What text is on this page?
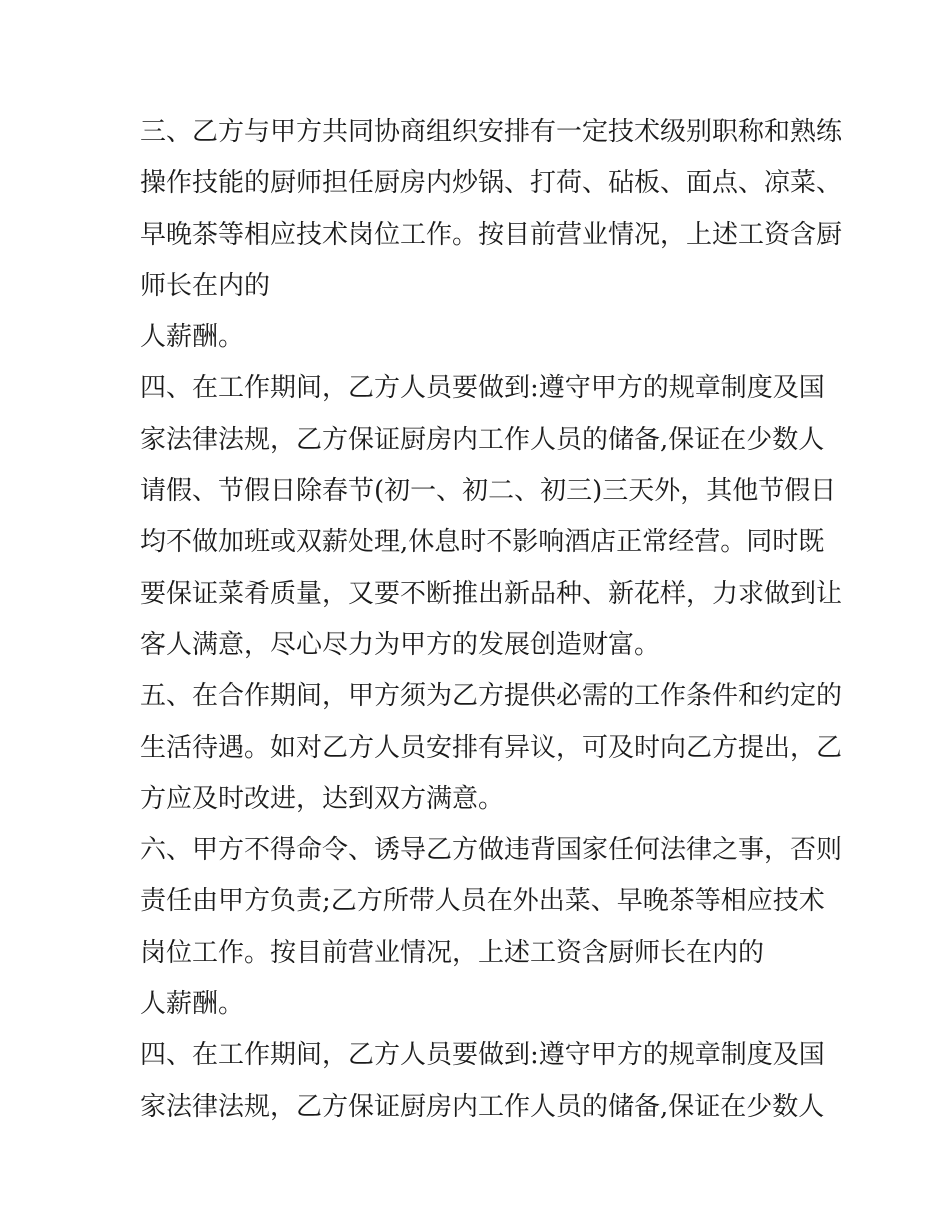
三、乙方与甲方共同协商组织安排有一定技术级别职称和熟练
操作技能的厨师担任厨房内炒锅、打荷、砧板、面点、凉菜、
早晚茶等相应技术岗位工作。按目前营业情况，上述工资含厨
师长在内的
人薪酬。
四、在工作期间，乙方人员要做到:遵守甲方的规章制度及国
家法律法规，乙方保证厨房内工作人员的储备,保证在少数人
请假、节假日除春节(初一、初二、初三)三天外，其他节假日
均不做加班或双薪处理,休息时不影响酒店正常经营。同时既
要保证菜肴质量，又要不断推出新品种、新花样，力求做到让
客人满意，尽心尽力为甲方的发展创造财富。
五、在合作期间，甲方须为乙方提供必需的工作条件和约定的
生活待遇。如对乙方人员安排有异议，可及时向乙方提出，乙
方应及时改进，达到双方满意。
六、甲方不得命令、诱导乙方做违背国家任何法律之事，否则
责任由甲方负责;乙方所带人员在外出菜、早晚茶等相应技术
岗位工作。按目前营业情况，上述工资含厨师长在内的
人薪酬。
四、在工作期间，乙方人员要做到:遵守甲方的规章制度及国
家法律法规，乙方保证厨房内工作人员的储备,保证在少数人
